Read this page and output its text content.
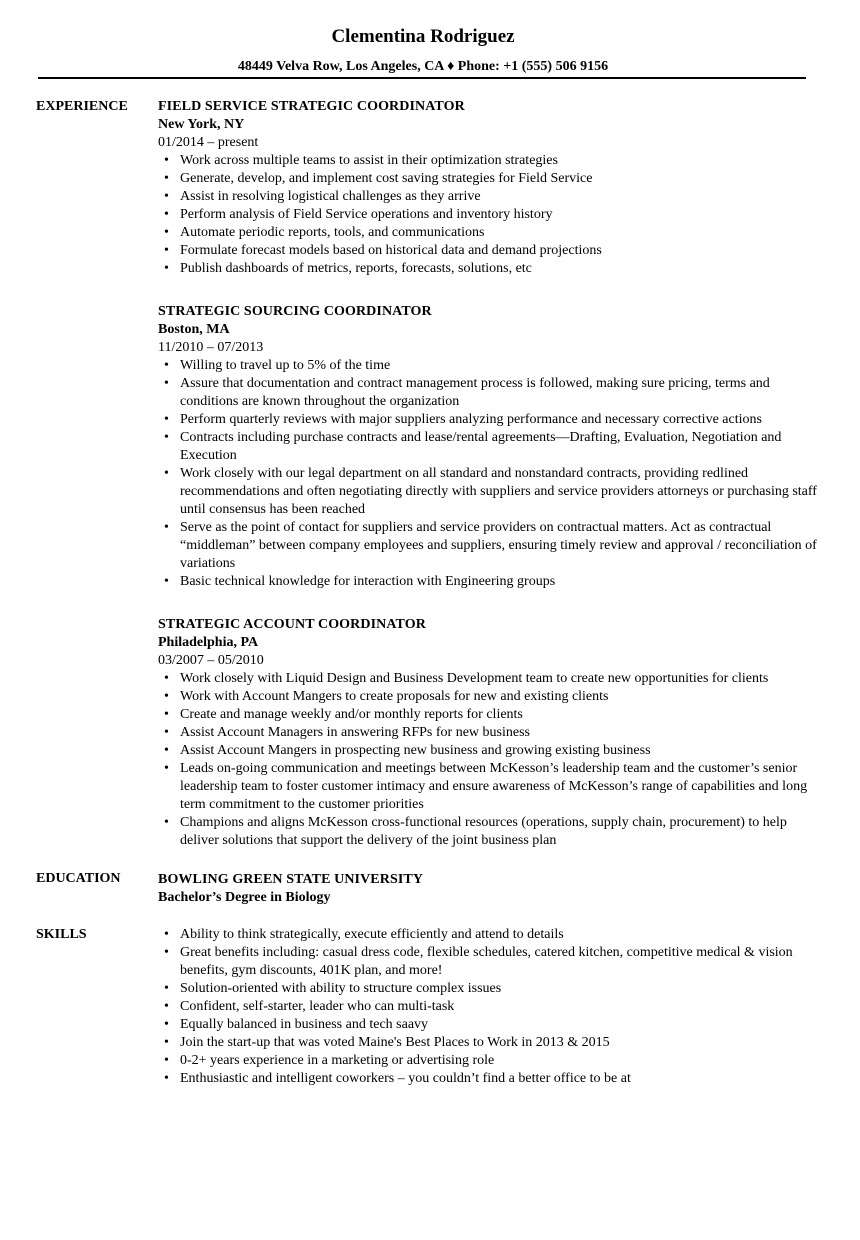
Clementina Rodriguez
48449 Velva Row, Los Angeles, CA ♦ Phone: +1 (555) 506 9156
EXPERIENCE FIELD SERVICE STRATEGIC COORDINATOR
New York, NY
01/2014 – present
• Work across multiple teams to assist in their optimization strategies
• Generate, develop, and implement cost saving strategies for Field Service
• Assist in resolving logistical challenges as they arrive
• Perform analysis of Field Service operations and inventory history
• Automate periodic reports, tools, and communications
• Formulate forecast models based on historical data and demand projections
• Publish dashboards of metrics, reports, forecasts, solutions, etc
STRATEGIC SOURCING COORDINATOR
Boston, MA
11/2010 – 07/2013
• Willing to travel up to 5% of the time
• Assure that documentation and contract management process is followed, making sure pricing, terms and conditions are known throughout the organization
• Perform quarterly reviews with major suppliers analyzing performance and necessary corrective actions
• Contracts including purchase contracts and lease/rental agreements—Drafting, Evaluation, Negotiation and Execution
• Work closely with our legal department on all standard and nonstandard contracts, providing redlined recommendations and often negotiating directly with suppliers and service providers attorneys or purchasing staff until consensus has been reached
• Serve as the point of contact for suppliers and service providers on contractual matters. Act as contractual “middleman” between company employees and suppliers, ensuring timely review and approval / reconciliation of variations
• Basic technical knowledge for interaction with Engineering groups
STRATEGIC ACCOUNT COORDINATOR
Philadelphia, PA
03/2007 – 05/2010
• Work closely with Liquid Design and Business Development team to create new opportunities for clients
• Work with Account Mangers to create proposals for new and existing clients
• Create and manage weekly and/or monthly reports for clients
• Assist Account Managers in answering RFPs for new business
• Assist Account Mangers in prospecting new business and growing existing business
• Leads on-going communication and meetings between McKesson’s leadership team and the customer’s senior leadership team to foster customer intimacy and ensure awareness of McKesson’s range of capabilities and long term commitment to the customer priorities
• Champions and aligns McKesson cross-functional resources (operations, supply chain, procurement) to help deliver solutions that support the delivery of the joint business plan
EDUCATION	BOWLING GREEN STATE UNIVERSITY
Bachelor’s Degree in Biology
SKILLS	• Ability to think strategically, execute efficiently and attend to details
• Great benefits including: casual dress code, flexible schedules, catered kitchen, competitive medical & vision benefits, gym discounts, 401K plan, and more!
• Solution-oriented with ability to structure complex issues
• Confident, self-starter, leader who can multi-task
• Equally balanced in business and tech saavy
• Join the start-up that was voted Maine's Best Places to Work in 2013 & 2015
• 0-2+ years experience in a marketing or advertising role
• Enthusiastic and intelligent coworkers – you couldn’t find a better office to be at
